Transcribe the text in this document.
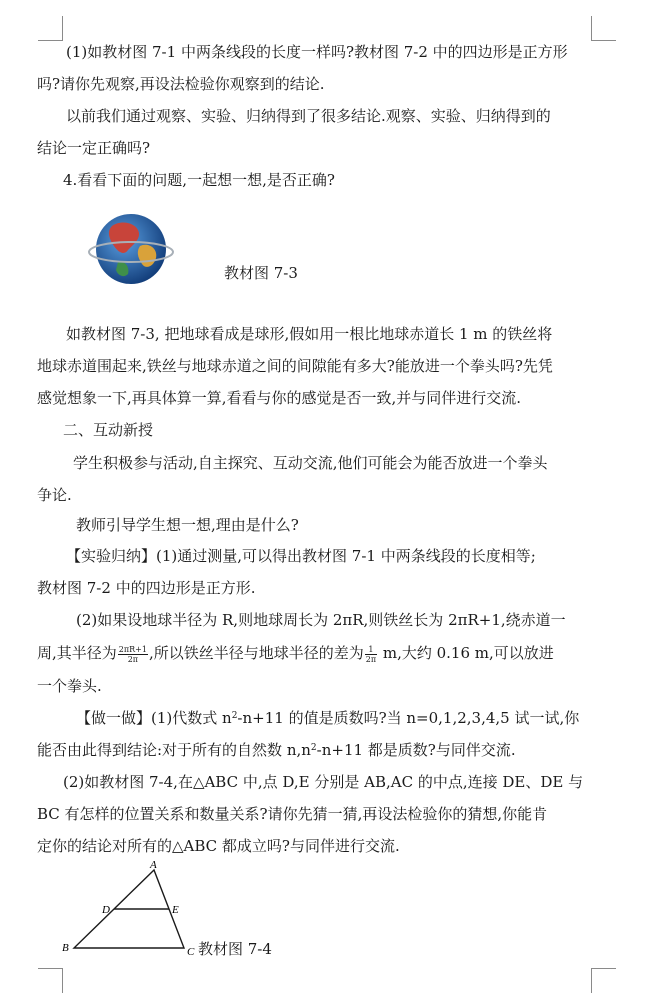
(1)如教材图 7-1 中两条线段的长度一样吗?教材图 7-2 中的四边形是正方形
吗?请你先观察,再设法检验你观察到的结论.
以前我们通过观察、实验、归纳得到了很多结论.观察、实验、归纳得到的
结论一定正确吗?
4.看看下面的问题,一起想一想,是否正确?
教材图 7-3
如教材图 7-3, 把地球看成是球形,假如用一根比地球赤道长 1 m 的铁丝将
地球赤道围起来,铁丝与地球赤道之间的间隙能有多大?能放进一个拳头吗?先凭
感觉想象一下,再具体算一算,看看与你的感觉是否一致,并与同伴进行交流.
二、互动新授
学生积极参与活动,自主探究、互动交流,他们可能会为能否放进一个拳头
争论.
教师引导学生想一想,理由是什么?
【实验归纳】(1)通过测量,可以得出教材图 7-1 中两条线段的长度相等;
教材图 7-2 中的四边形是正方形.
(2)如果设地球半径为 R,则地球周长为 2πR,则铁丝长为 2πR+1,绕赤道一
周,其半径为 $\frac{2\pi R+1}{2\pi}$ ,所以铁丝半径与地球半径的差为 $\frac{1}{2\pi} m$,大约 0.16 m,可以放进
一个拳头.
【做一做】(1)代数式 $n^2-n+11$ 的值是质数吗?当 n=0,1,2,3,4,5 试一试,你
能否由此得到结论:对于所有的自然数 $n,n^2-n+11$ 都是质数?与同伴交流.
(2)如教材图 7-4,在△ABC 中,点 D,E 分别是 AB,AC 的中点,连接 DE、DE 与
BC 有怎样的位置关系和数量关系?请你先猜一猜,再设法检验你的猜想,你能肯
定你的结论对所有的△ABC 都成立吗?与同伴进行交流.
A
B	C
D	E
教材图 7-4
